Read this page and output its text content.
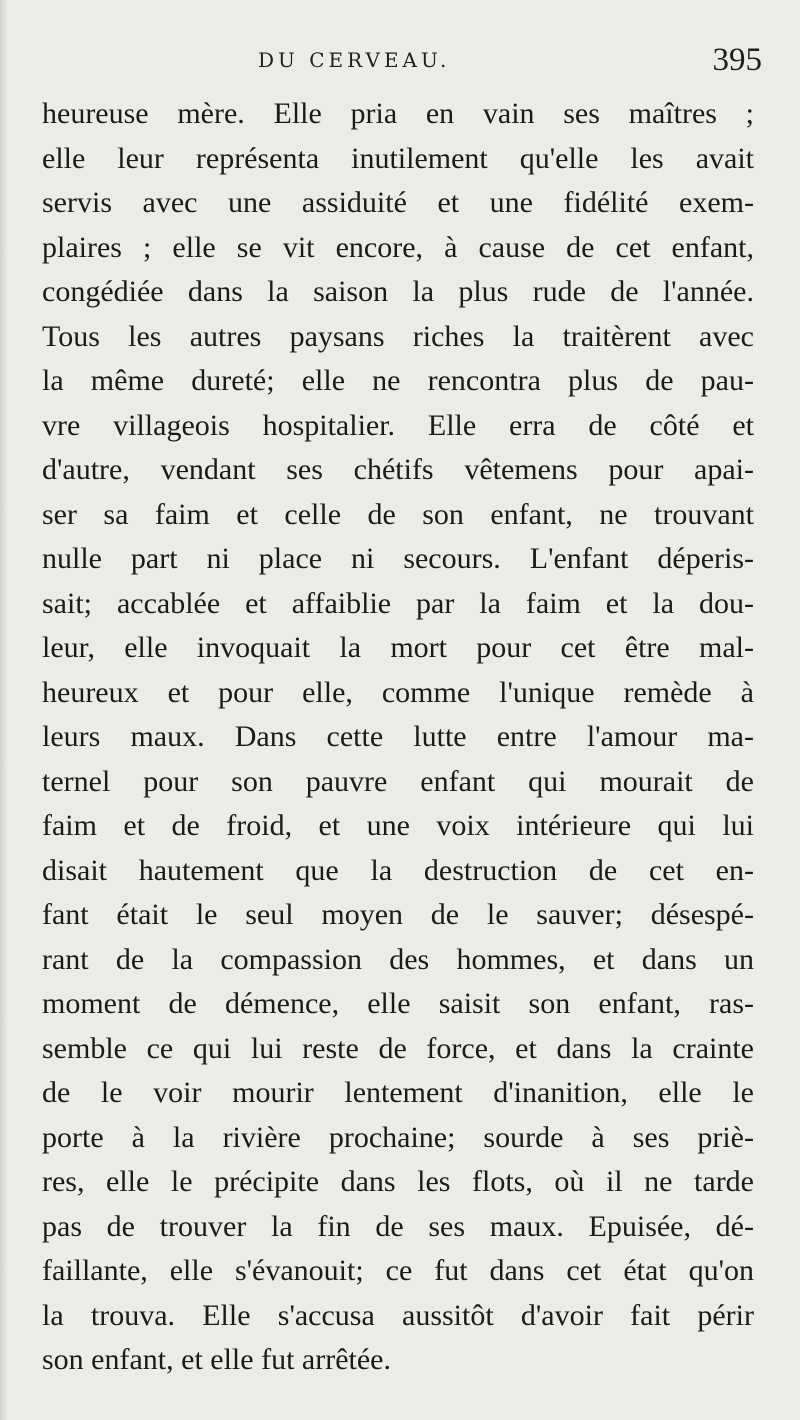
DU CERVEAU.	395
heureuse mère. Elle pria en vain ses maîtres ;
elle leur représenta inutilement qu'elle les avait
servis avec une assiduité et une fidélité exem-
plaires ; elle se vit encore, à cause de cet enfant,
congédiée dans la saison la plus rude de l'année.
Tous les autres paysans riches la traitèrent avec
la même dureté; elle ne rencontra plus de pau-
vre villageois hospitalier. Elle erra de côté et
d'autre, vendant ses chétifs vêtemens pour apai-
ser sa faim et celle de son enfant, ne trouvant
nulle part ni place ni secours. L'enfant déperis-
sait; accablée et affaiblie par la faim et la dou-
leur, elle invoquait la mort pour cet être mal-
heureux et pour elle, comme l'unique remède à
leurs maux. Dans cette lutte entre l'amour ma-
ternel pour son pauvre enfant qui mourait de
faim et de froid, et une voix intérieure qui lui
disait hautement que la destruction de cet en-
fant était le seul moyen de le sauver; désespé-
rant de la compassion des hommes, et dans un
moment de démence, elle saisit son enfant, ras-
semble ce qui lui reste de force, et dans la crainte
de le voir mourir lentement d'inanition, elle le
porte à la rivière prochaine; sourde à ses priè-
res, elle le précipite dans les flots, où il ne tarde
pas de trouver la fin de ses maux. Epuisée, dé-
faillante, elle s'évanouit; ce fut dans cet état qu'on
la trouva. Elle s'accusa aussitôt d'avoir fait périr
son enfant, et elle fut arrêtée.
